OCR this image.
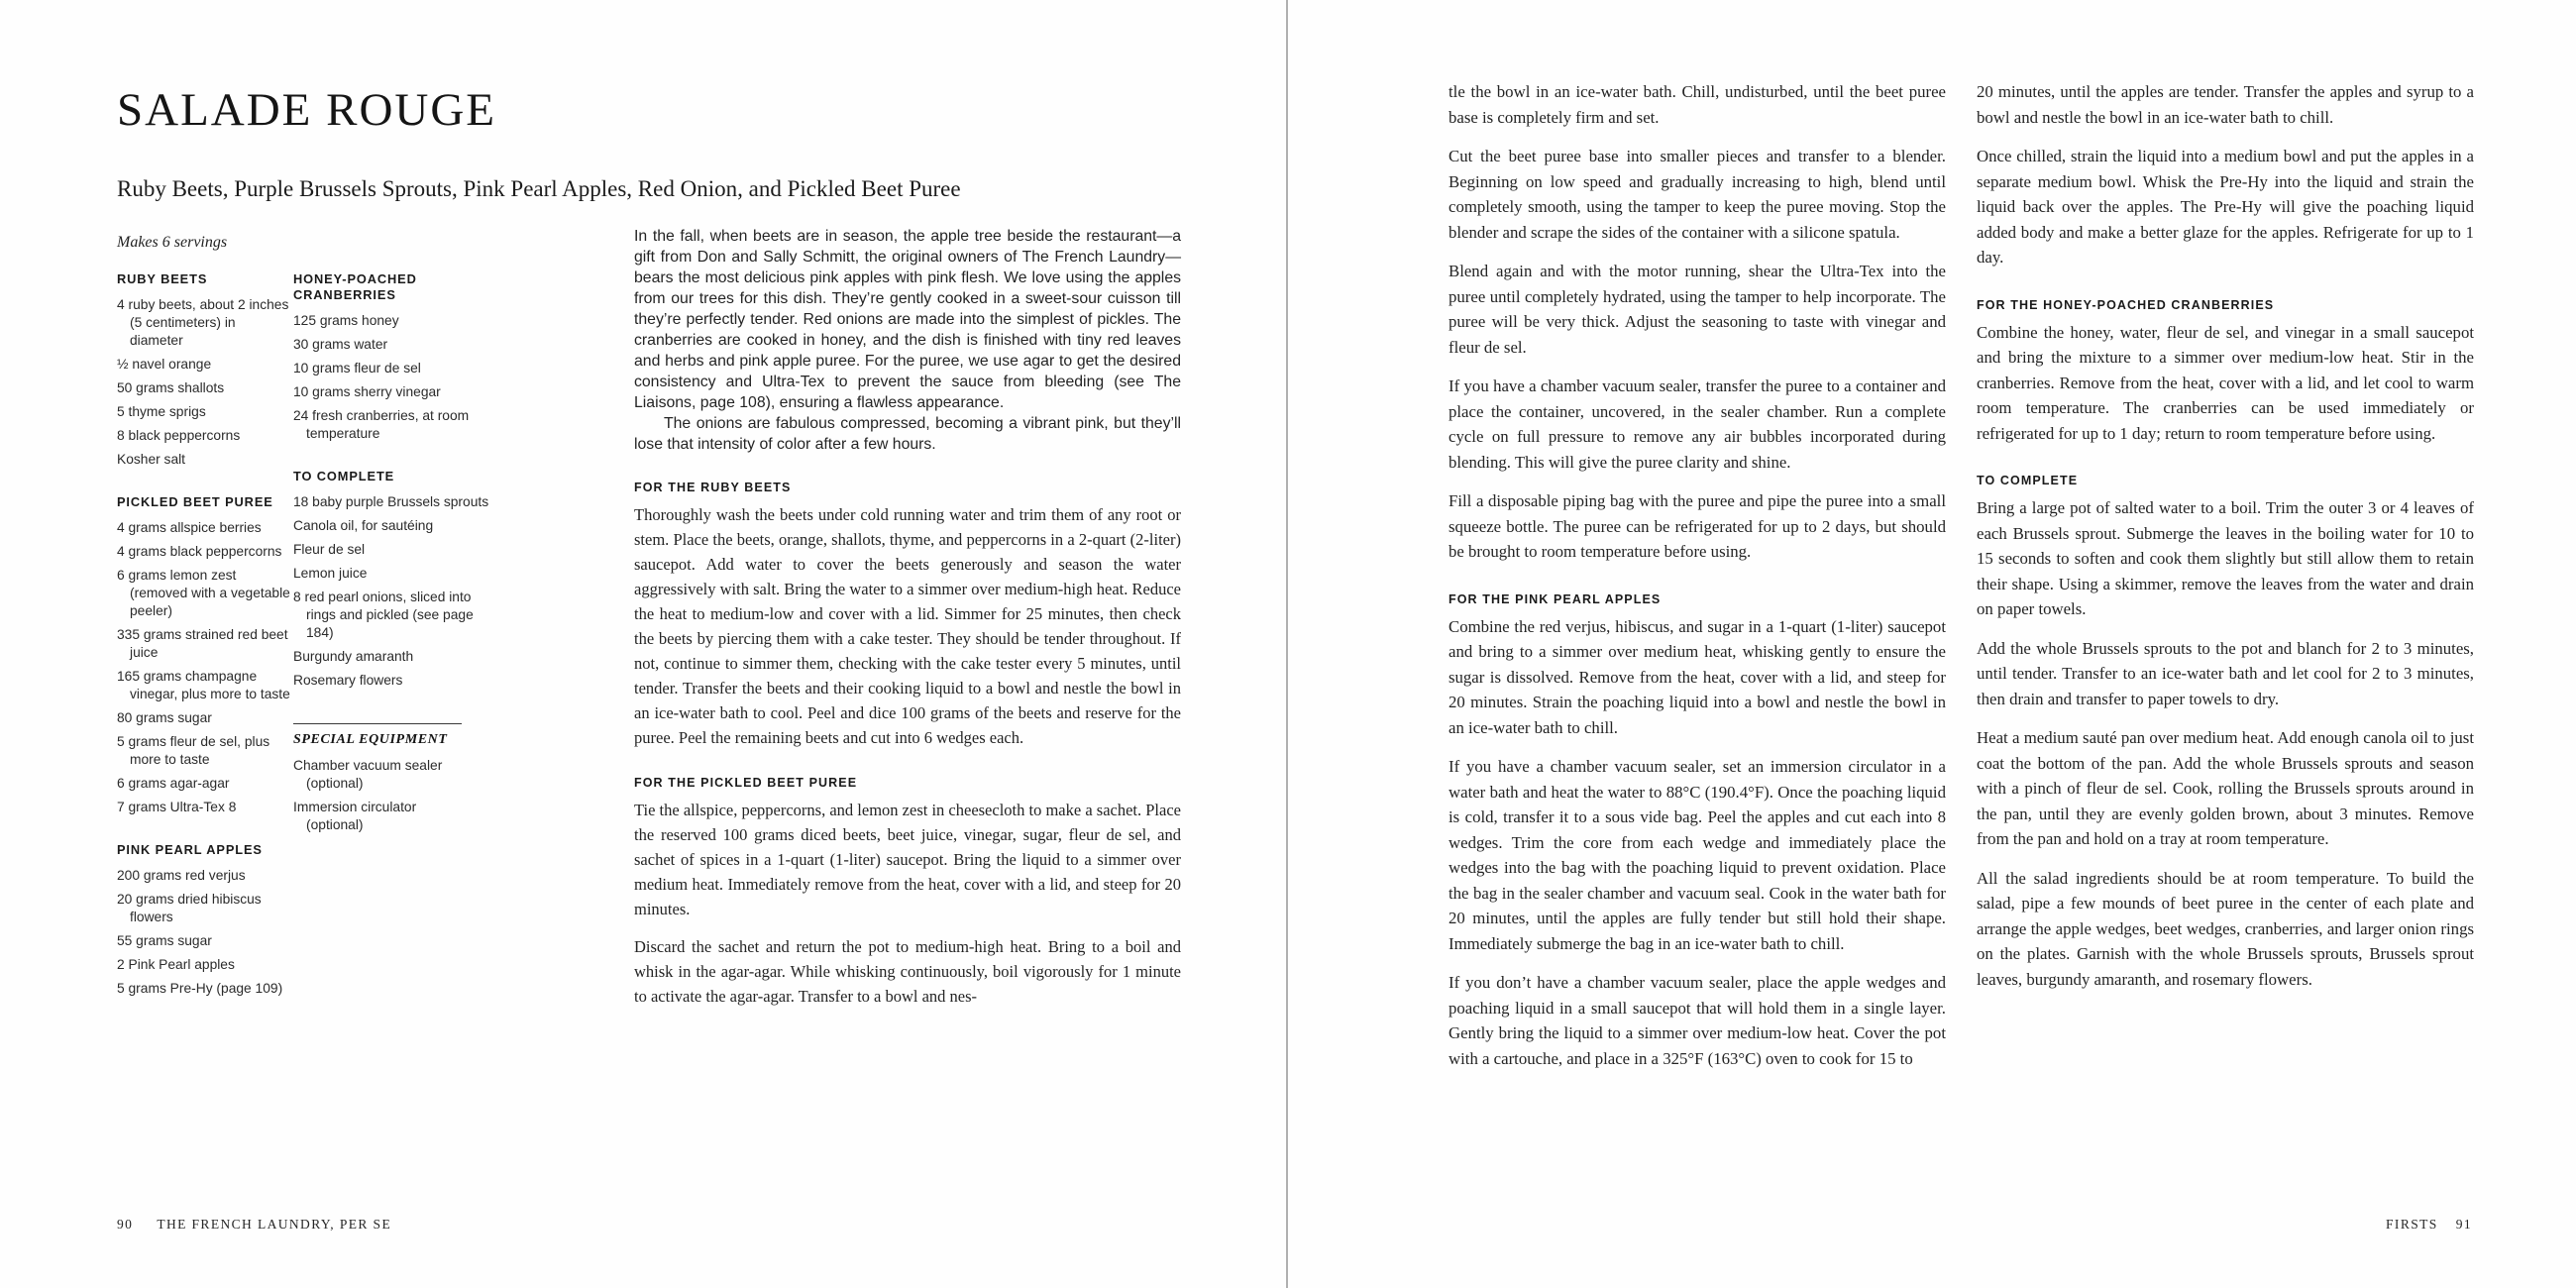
SALADE ROUGE
Ruby Beets, Purple Brussels Sprouts, Pink Pearl Apples, Red Onion, and Pickled Beet Puree
Makes 6 servings
RUBY BEETS
4 ruby beets, about 2 inches (5 centimeters) in diameter
½ navel orange
50 grams shallots
5 thyme sprigs
8 black peppercorns
Kosher salt
PICKLED BEET PUREE
4 grams allspice berries
4 grams black peppercorns
6 grams lemon zest (removed with a vegetable peeler)
335 grams strained red beet juice
165 grams champagne vinegar, plus more to taste
80 grams sugar
5 grams fleur de sel, plus more to taste
6 grams agar-agar
7 grams Ultra-Tex 8
PINK PEARL APPLES
200 grams red verjus
20 grams dried hibiscus flowers
55 grams sugar
2 Pink Pearl apples
5 grams Pre-Hy (page 109)
HONEY-POACHED CRANBERRIES
125 grams honey
30 grams water
10 grams fleur de sel
10 grams sherry vinegar
24 fresh cranberries, at room temperature
TO COMPLETE
18 baby purple Brussels sprouts
Canola oil, for sautéing
Fleur de sel
Lemon juice
8 red pearl onions, sliced into rings and pickled (see page 184)
Burgundy amaranth
Rosemary flowers
SPECIAL EQUIPMENT
Chamber vacuum sealer (optional)
Immersion circulator (optional)

In the fall, when beets are in season, the apple tree beside the restaurant—a gift from Don and Sally Schmitt, the original owners of The French Laundry—bears the most delicious pink apples with pink flesh. We love using the apples from our trees for this dish. They’re gently cooked in a sweet-sour cuisson till they’re perfectly tender. Red onions are made into the simplest of pickles. The cranberries are cooked in honey, and the dish is finished with tiny red leaves and herbs and pink apple puree. For the puree, we use agar to get the desired consistency and Ultra-Tex to prevent the sauce from bleeding (see The Liaisons, page 108), ensuring a flawless appearance.

The onions are fabulous compressed, becoming a vibrant pink, but they’ll lose that intensity of color after a few hours.

FOR THE RUBY BEETS

Thoroughly wash the beets under cold running water and trim them of any root or stem. Place the beets, orange, shallots, thyme, and peppercorns in a 2-quart (2-liter) saucepot. Add water to cover the beets generously and season the water aggressively with salt. Bring the water to a simmer over medium-high heat. Reduce the heat to medium-low and cover with a lid. Simmer for 25 minutes, then check the beets by piercing them with a cake tester. They should be tender throughout. If not, continue to simmer them, checking with the cake tester every 5 minutes, until tender. Transfer the beets and their cooking liquid to a bowl and nestle the bowl in an ice-water bath to cool. Peel and dice 100 grams of the beets and reserve for the puree. Peel the remaining beets and cut into 6 wedges each.

FOR THE PICKLED BEET PUREE

Tie the allspice, peppercorns, and lemon zest in cheesecloth to make a sachet. Place the reserved 100 grams diced beets, beet juice, vinegar, sugar, fleur de sel, and sachet of spices in a 1-quart (1-liter) saucepot. Bring the liquid to a simmer over medium heat. Immediately remove from the heat, cover with a lid, and steep for 20 minutes.

Discard the sachet and return the pot to medium-high heat. Bring to a boil and whisk in the agar-agar. While whisking continuously, boil vigorously for 1 minute to activate the agar-agar. Transfer to a bowl and nes-

90 THE FRENCH LAUNDRY, PER SE

tle the bowl in an ice-water bath. Chill, undisturbed, until the beet puree base is completely firm and set.

Cut the beet puree base into smaller pieces and transfer to a blender. Beginning on low speed and gradually increasing to high, blend until completely smooth, using the tamper to keep the puree moving. Stop the blender and scrape the sides of the container with a silicone spatula.

Blend again and with the motor running, shear the Ultra-Tex into the puree until completely hydrated, using the tamper to help incorporate. The puree will be very thick. Adjust the seasoning to taste with vinegar and fleur de sel.

If you have a chamber vacuum sealer, transfer the puree to a container and place the container, uncovered, in the sealer chamber. Run a complete cycle on full pressure to remove any air bubbles incorporated during blending. This will give the puree clarity and shine.

Fill a disposable piping bag with the puree and pipe the puree into a small squeeze bottle. The puree can be refrigerated for up to 2 days, but should be brought to room temperature before using.

FOR THE PINK PEARL APPLES

Combine the red verjus, hibiscus, and sugar in a 1-quart (1-liter) saucepot and bring to a simmer over medium heat, whisking gently to ensure the sugar is dissolved. Remove from the heat, cover with a lid, and steep for 20 minutes. Strain the poaching liquid into a bowl and nestle the bowl in an ice-water bath to chill.

If you have a chamber vacuum sealer, set an immersion circulator in a water bath and heat the water to 88°C (190.4°F). Once the poaching liquid is cold, transfer it to a sous vide bag. Peel the apples and cut each into 8 wedges. Trim the core from each wedge and immediately place the wedges into the bag with the poaching liquid to prevent oxidation. Place the bag in the sealer chamber and vacuum seal. Cook in the water bath for 20 minutes, until the apples are fully tender but still hold their shape. Immediately submerge the bag in an ice-water bath to chill.

If you don’t have a chamber vacuum sealer, place the apple wedges and poaching liquid in a small saucepot that will hold them in a single layer. Gently bring the liquid to a simmer over medium-low heat. Cover the pot with a cartouche, and place in a 325°F (163°C) oven to cook for 15 to

20 minutes, until the apples are tender. Transfer the apples and syrup to a bowl and nestle the bowl in an ice-water bath to chill.

Once chilled, strain the liquid into a medium bowl and put the apples in a separate medium bowl. Whisk the Pre-Hy into the liquid and strain the liquid back over the apples. The Pre-Hy will give the poaching liquid added body and make a better glaze for the apples. Refrigerate for up to 1 day.

FOR THE HONEY-POACHED CRANBERRIES

Combine the honey, water, fleur de sel, and vinegar in a small saucepot and bring the mixture to a simmer over medium-low heat. Stir in the cranberries. Remove from the heat, cover with a lid, and let cool to warm room temperature. The cranberries can be used immediately or refrigerated for up to 1 day; return to room temperature before using.

TO COMPLETE

Bring a large pot of salted water to a boil. Trim the outer 3 or 4 leaves of each Brussels sprout. Submerge the leaves in the boiling water for 10 to 15 seconds to soften and cook them slightly but still allow them to retain their shape. Using a skimmer, remove the leaves from the water and drain on paper towels.

Add the whole Brussels sprouts to the pot and blanch for 2 to 3 minutes, until tender. Transfer to an ice-water bath and let cool for 2 to 3 minutes, then drain and transfer to paper towels to dry.

Heat a medium sauté pan over medium heat. Add enough canola oil to just coat the bottom of the pan. Add the whole Brussels sprouts and season with a pinch of fleur de sel. Cook, rolling the Brussels sprouts around in the pan, until they are evenly golden brown, about 3 minutes. Remove from the pan and hold on a tray at room temperature.

All the salad ingredients should be at room temperature. To build the salad, pipe a few mounds of beet puree in the center of each plate and arrange the apple wedges, beet wedges, cranberries, and larger onion rings on the plates. Garnish with the whole Brussels sprouts, Brussels sprout leaves, burgundy amaranth, and rosemary flowers.

FIRSTS 91
